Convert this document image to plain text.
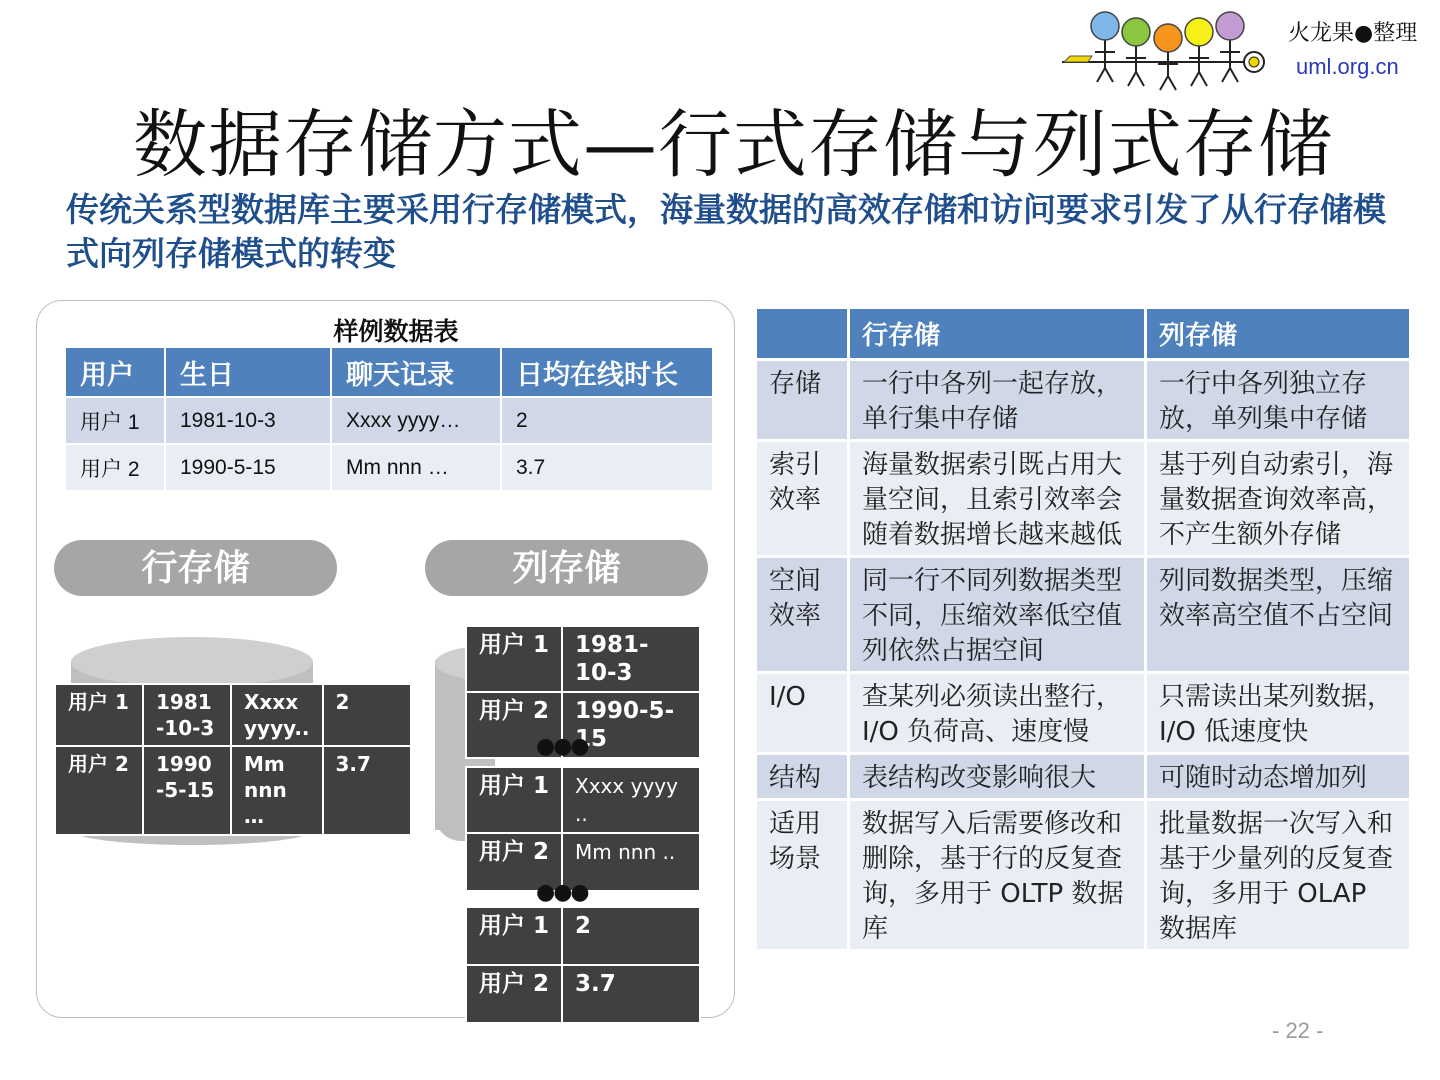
火龙果●整理
uml.org.cn
数据存储方式—行式存储与列式存储
传统关系型数据库主要采用行存储模式，海量数据的高效存储和访问要求引发了从行存储模式向列存储模式的转变
样例数据表
用户	生日	聊天记录	日均在线时长
用户 1	1981-10-3	Xxxx yyyy…	2
用户 2	1990-5-15	Mm nnn …	3.7
行存储	列存储
用户 1	1981 -10-3	Xxxx yyyy..	2
用户 2	1990 -5-15	Mm nnn …	3.7
用户 1	1981-10-3
用户 2	1990-5-15
●●●
用户 1	Xxxx yyyy ..
用户 2	Mm nnn ..
●●●
用户 1	2
用户 2	3.7
	行存储	列存储
存储	一行中各列一起存放，单行集中存储	一行中各列独立存放，单列集中存储
索引效率	海量数据索引既占用大量空间，且索引效率会随着数据增长越来越低	基于列自动索引，海量数据查询效率高，不产生额外存储
空间效率	同一行不同列数据类型不同，压缩效率低空值列依然占据空间	列同数据类型，压缩效率高空值不占空间
I/O	查某列必须读出整行，I/O 负荷高、速度慢	只需读出某列数据，I/O 低速度快
结构	表结构改变影响很大	可随时动态增加列
适用场景	数据写入后需要修改和删除，基于行的反复查询，多用于 OLTP 数据库	批量数据一次写入和基于少量列的反复查询，多用于 OLAP 数据库
- 22 -
